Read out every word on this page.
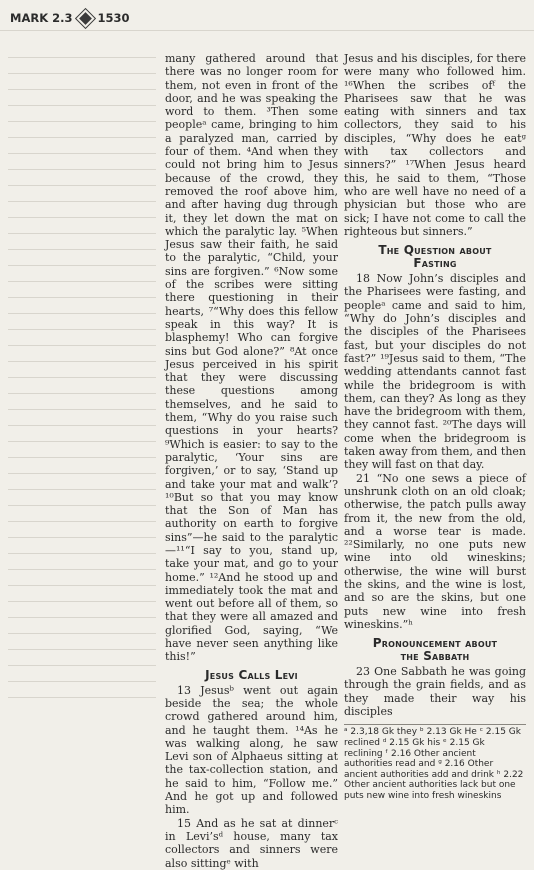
MARK 2.3 1530

many gathered around that there was no longer room for them, not even in front of the door, and he was speaking the word to them. ³Then some peopleᵃ came, bringing to him a paralyzed man, carried by four of them. ⁴And when they could not bring him to Jesus because of the crowd, they removed the roof above him, and after having dug through it, they let down the mat on which the paralytic lay. ⁵When Jesus saw their faith, he said to the paralytic, “Child, your sins are forgiven.” ⁶Now some of the scribes were sitting there questioning in their hearts, ⁷“Why does this fellow speak in this way? It is blasphemy! Who can forgive sins but God alone?” ⁸At once Jesus perceived in his spirit that they were discussing these questions among themselves, and he said to them, “Why do you raise such questions in your hearts? ⁹Which is easier: to say to the paralytic, ‘Your sins are forgiven,’ or to say, ‘Stand up and take your mat and walk’? ¹⁰But so that you may know that the Son of Man has authority on earth to forgive sins”—he said to the paralytic—¹¹“I say to you, stand up, take your mat, and go to your home.” ¹²And he stood up and immediately took the mat and went out before all of them, so that they were all amazed and glorified God, saying, “We have never seen anything like this!”

Jesus Calls Levi

13 Jesusᵇ went out again beside the sea; the whole crowd gathered around him, and he taught them. ¹⁴As he was walking along, he saw Levi son of Alphaeus sitting at the tax-collection station, and he said to him, “Follow me.” And he got up and followed him.

15 And as he sat at dinnerᶜ in Levi’sᵈ house, many tax collectors and sinners were also sittingᵉ with

Jesus and his disciples, for there were many who followed him. ¹⁶When the scribes ofᶠ the Pharisees saw that he was eating with sinners and tax collectors, they said to his disciples, “Why does he eatᵍ with tax collectors and sinners?” ¹⁷When Jesus heard this, he said to them, “Those who are well have no need of a physician but those who are sick; I have not come to call the righteous but sinners.”

The Question about
Fasting

18 Now John’s disciples and the Pharisees were fasting, and peopleᵃ came and said to him, “Why do John’s disciples and the disciples of the Pharisees fast, but your disciples do not fast?” ¹⁹Jesus said to them, “The wedding attendants cannot fast while the bridegroom is with them, can they? As long as they have the bridegroom with them, they cannot fast. ²⁰The days will come when the bridegroom is taken away from them, and then they will fast on that day.

21 “No one sews a piece of unshrunk cloth on an old cloak; otherwise, the patch pulls away from it, the new from the old, and a worse tear is made. ²²Similarly, no one puts new wine into old wineskins; otherwise, the wine will burst the skins, and the wine is lost, and so are the skins, but one puts new wine into fresh wineskins.”ʰ

Pronouncement about
the Sabbath

23 One Sabbath he was going through the grain fields, and as they made their way his disciples

ᵃ 2.3,18 Gk they ᵇ 2.13 Gk He ᶜ 2.15 Gk reclined ᵈ 2.15 Gk his ᵉ 2.15 Gk reclining ᶠ 2.16 Other ancient authorities read and ᵍ 2.16 Other ancient authorities add and drink ʰ 2.22 Other ancient authorities lack but one puts new wine into fresh wineskins
